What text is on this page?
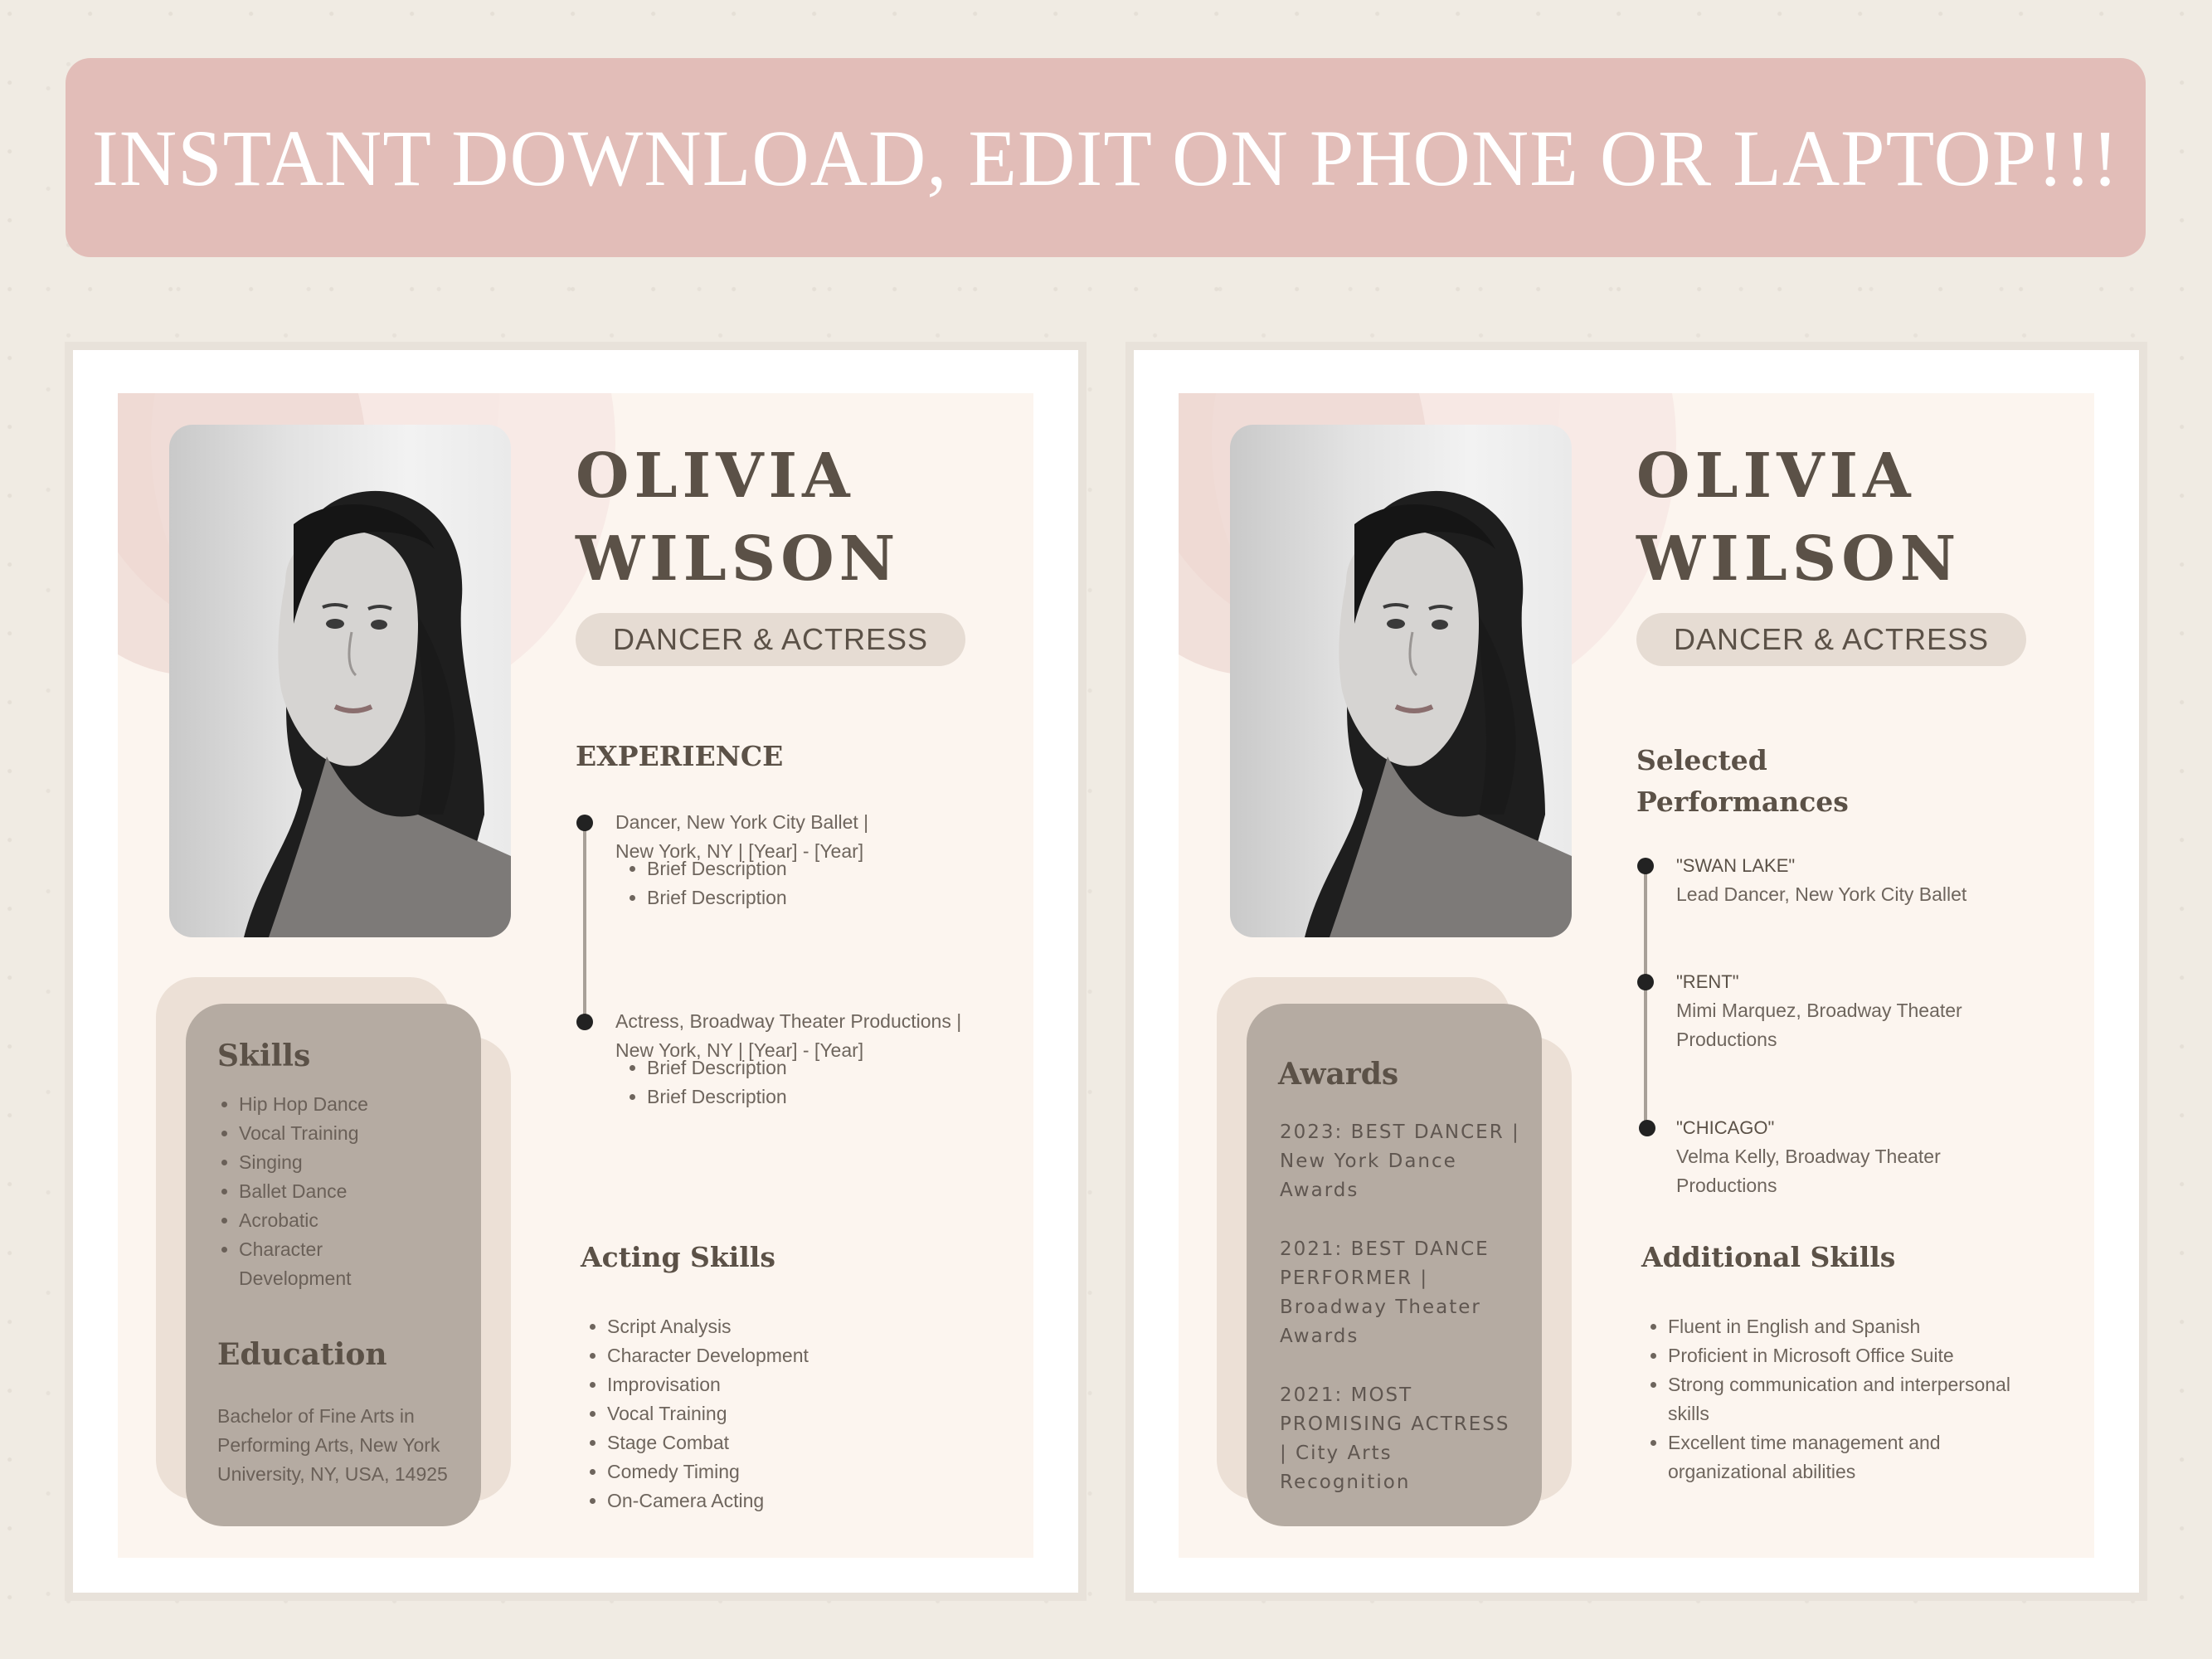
INSTANT DOWNLOAD, EDIT ON PHONE OR LAPTOP!!!
OLIVIA
WILSON
DANCER & ACTRESS
Skills
• Hip Hop Dance
• Vocal Training
• Singing
• Ballet Dance
• Acrobatic
• Character Development
Education
Bachelor of Fine Arts in Performing Arts, New York University, NY, USA, 14925
EXPERIENCE
Dancer, New York City Ballet |
New York, NY | [Year] - [Year]
• Brief Description
• Brief Description
Actress, Broadway Theater Productions |
New York, NY | [Year] - [Year]
• Brief Description
• Brief Description
Acting Skills
• Script Analysis
• Character Development
• Improvisation
• Vocal Training
• Stage Combat
• Comedy Timing
• On-Camera Acting
OLIVIA
WILSON
DANCER & ACTRESS
Awards
2023: BEST DANCER | New York Dance Awards
2021: BEST DANCE PERFORMER | Broadway Theater Awards
2021: MOST PROMISING ACTRESS | City Arts Recognition
Selected
Performances
"SWAN LAKE"
Lead Dancer, New York City Ballet
"RENT"
Mimi Marquez, Broadway Theater Productions
"CHICAGO"
Velma Kelly, Broadway Theater Productions
Additional Skills
• Fluent in English and Spanish
• Proficient in Microsoft Office Suite
• Strong communication and interpersonal skills
• Excellent time management and organizational abilities
